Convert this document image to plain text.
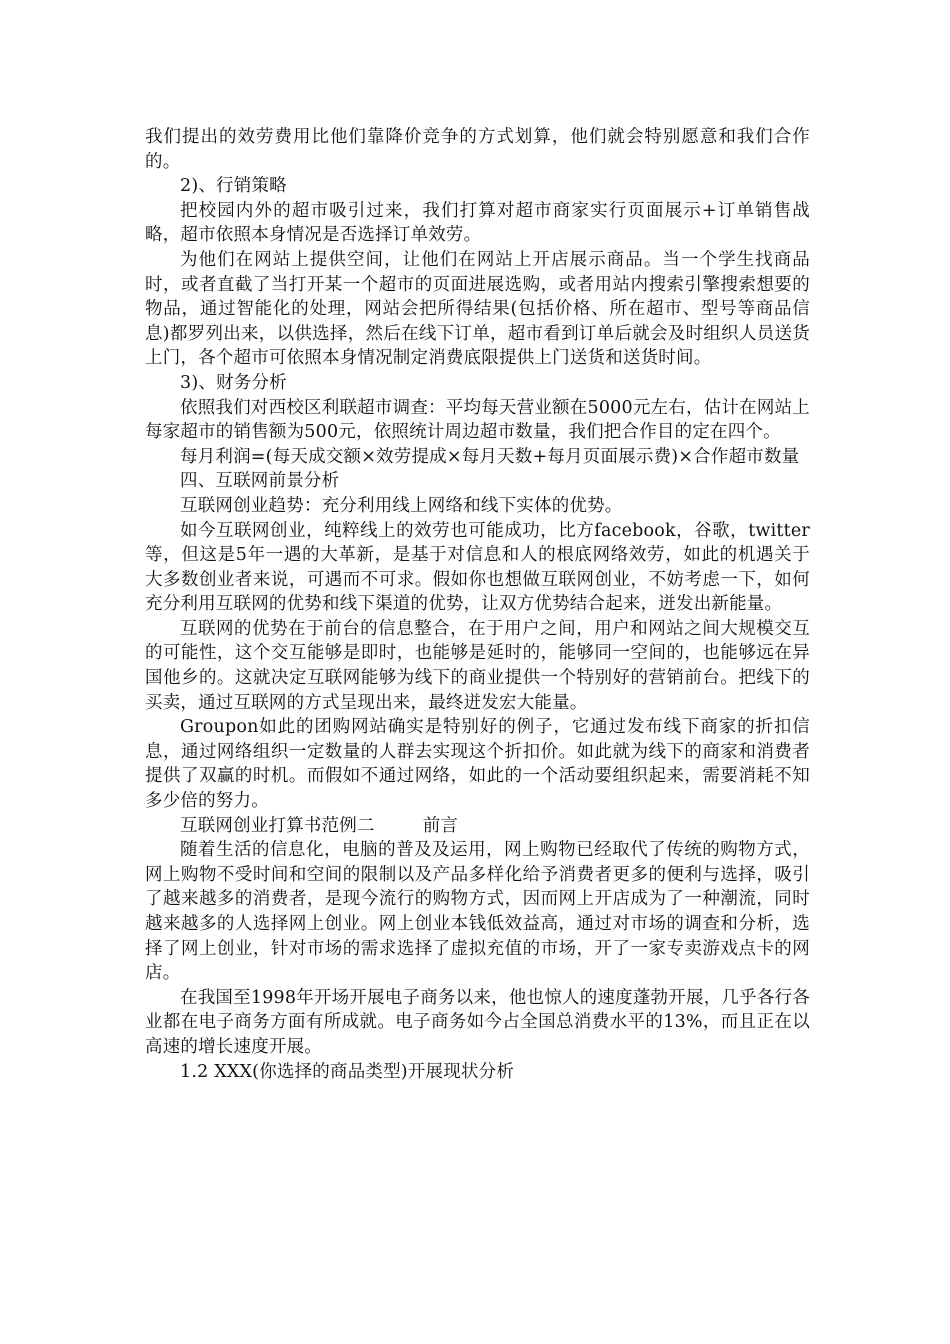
我们提出的效劳费用比他们靠降价竞争的方式划算，他们就会特别愿意和我们合作的。

2)、行销策略

把校园内外的超市吸引过来，我们打算对超市商家实行页面展示+订单销售战略，超市依照本身情况是否选择订单效劳。

为他们在网站上提供空间，让他们在网站上开店展示商品。当一个学生找商品时，或者直截了当打开某一个超市的页面进展选购，或者用站内搜索引擎搜索想要的物品，通过智能化的处理，网站会把所得结果(包括价格、所在超市、型号等商品信息)都罗列出来，以供选择，然后在线下订单，超市看到订单后就会及时组织人员送货上门，各个超市可依照本身情况制定消费底限提供上门送货和送货时间。

3)、财务分析

依照我们对西校区利联超市调查：平均每天营业额在5000元左右，估计在网站上每家超市的销售额为500元，依照统计周边超市数量，我们把合作目的定在四个。

每月利润=(每天成交额×效劳提成×每月天数+每月页面展示费)×合作超市数量

四、互联网前景分析

互联网创业趋势：充分利用线上网络和线下实体的优势。

如今互联网创业，纯粹线上的效劳也可能成功，比方facebook，谷歌，twitter等，但这是5年一遇的大革新，是基于对信息和人的根底网络效劳，如此的机遇关于大多数创业者来说，可遇而不可求。假如你也想做互联网创业，不妨考虑一下，如何充分利用互联网的优势和线下渠道的优势，让双方优势结合起来，迸发出新能量。

互联网的优势在于前台的信息整合，在于用户之间，用户和网站之间大规模交互的可能性，这个交互能够是即时，也能够是延时的，能够同一空间的，也能够远在异国他乡的。这就决定互联网能够为线下的商业提供一个特别好的营销前台。把线下的买卖，通过互联网的方式呈现出来，最终迸发宏大能量。

Groupon如此的团购网站确实是特别好的例子，它通过发布线下商家的折扣信息，通过网络组织一定数量的人群去实现这个折扣价。如此就为线下的商家和消费者提供了双赢的时机。而假如不通过网络，如此的一个活动要组织起来，需要消耗不知多少倍的努力。

互联网创业打算书范例二	前言

随着生活的信息化，电脑的普及及运用，网上购物已经取代了传统的购物方式，网上购物不受时间和空间的限制以及产品多样化给予消费者更多的便利与选择，吸引了越来越多的消费者，是现今流行的购物方式，因而网上开店成为了一种潮流，同时越来越多的人选择网上创业。网上创业本钱低效益高，通过对市场的调查和分析，选择了网上创业，针对市场的需求选择了虚拟充值的市场，开了一家专卖游戏点卡的网店。

在我国至1998年开场开展电子商务以来，他也惊人的速度蓬勃开展，几乎各行各业都在电子商务方面有所成就。电子商务如今占全国总消费水平的13%，而且正在以高速的增长速度开展。

1.2 XXX(你选择的商品类型)开展现状分析
